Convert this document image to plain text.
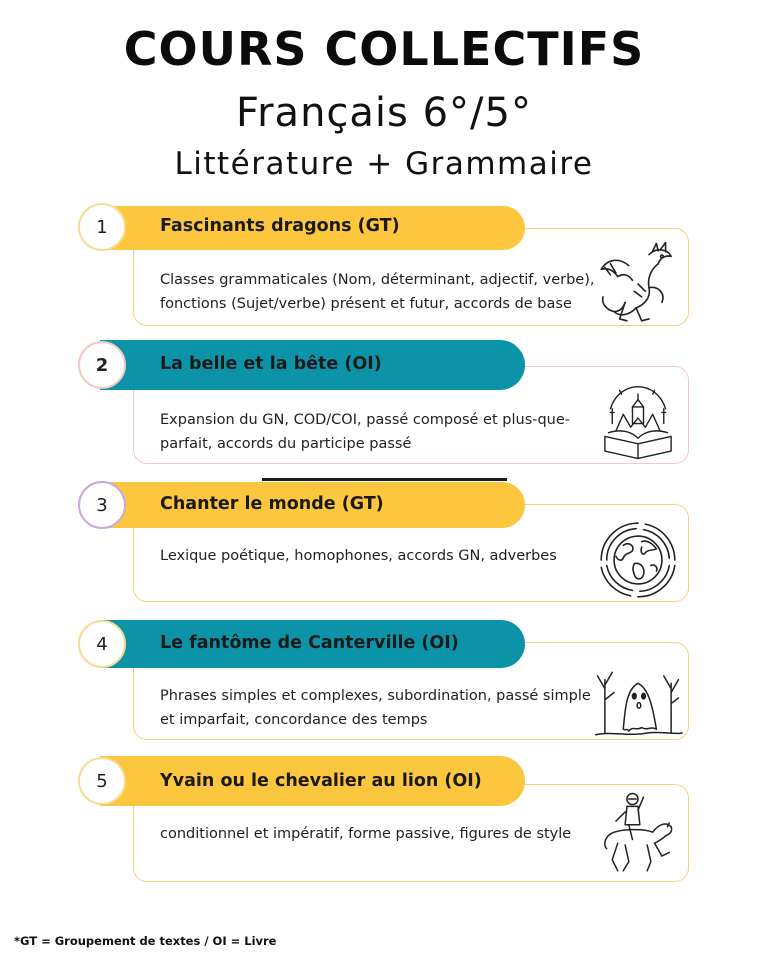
COURS COLLECTIFS
Français 6°/5°
Littérature + Grammaire
1	Fascinants dragons (GT)
Classes grammaticales (Nom, déterminant, adjectif, verbe), fonctions (Sujet/verbe) présent et futur, accords de base
2	La belle et la bête (OI)
Expansion du GN, COD/COI, passé composé et plus-que-parfait, accords du participe passé
3	Chanter le monde (GT)
Lexique poétique, homophones, accords GN, adverbes
4	Le fantôme de Canterville (OI)
Phrases simples et complexes, subordination, passé simple et imparfait, concordance des temps
5	Yvain ou le chevalier au lion (OI)
conditionnel et impératif, forme passive, figures de style
*GT = Groupement de textes / OI = Livre
